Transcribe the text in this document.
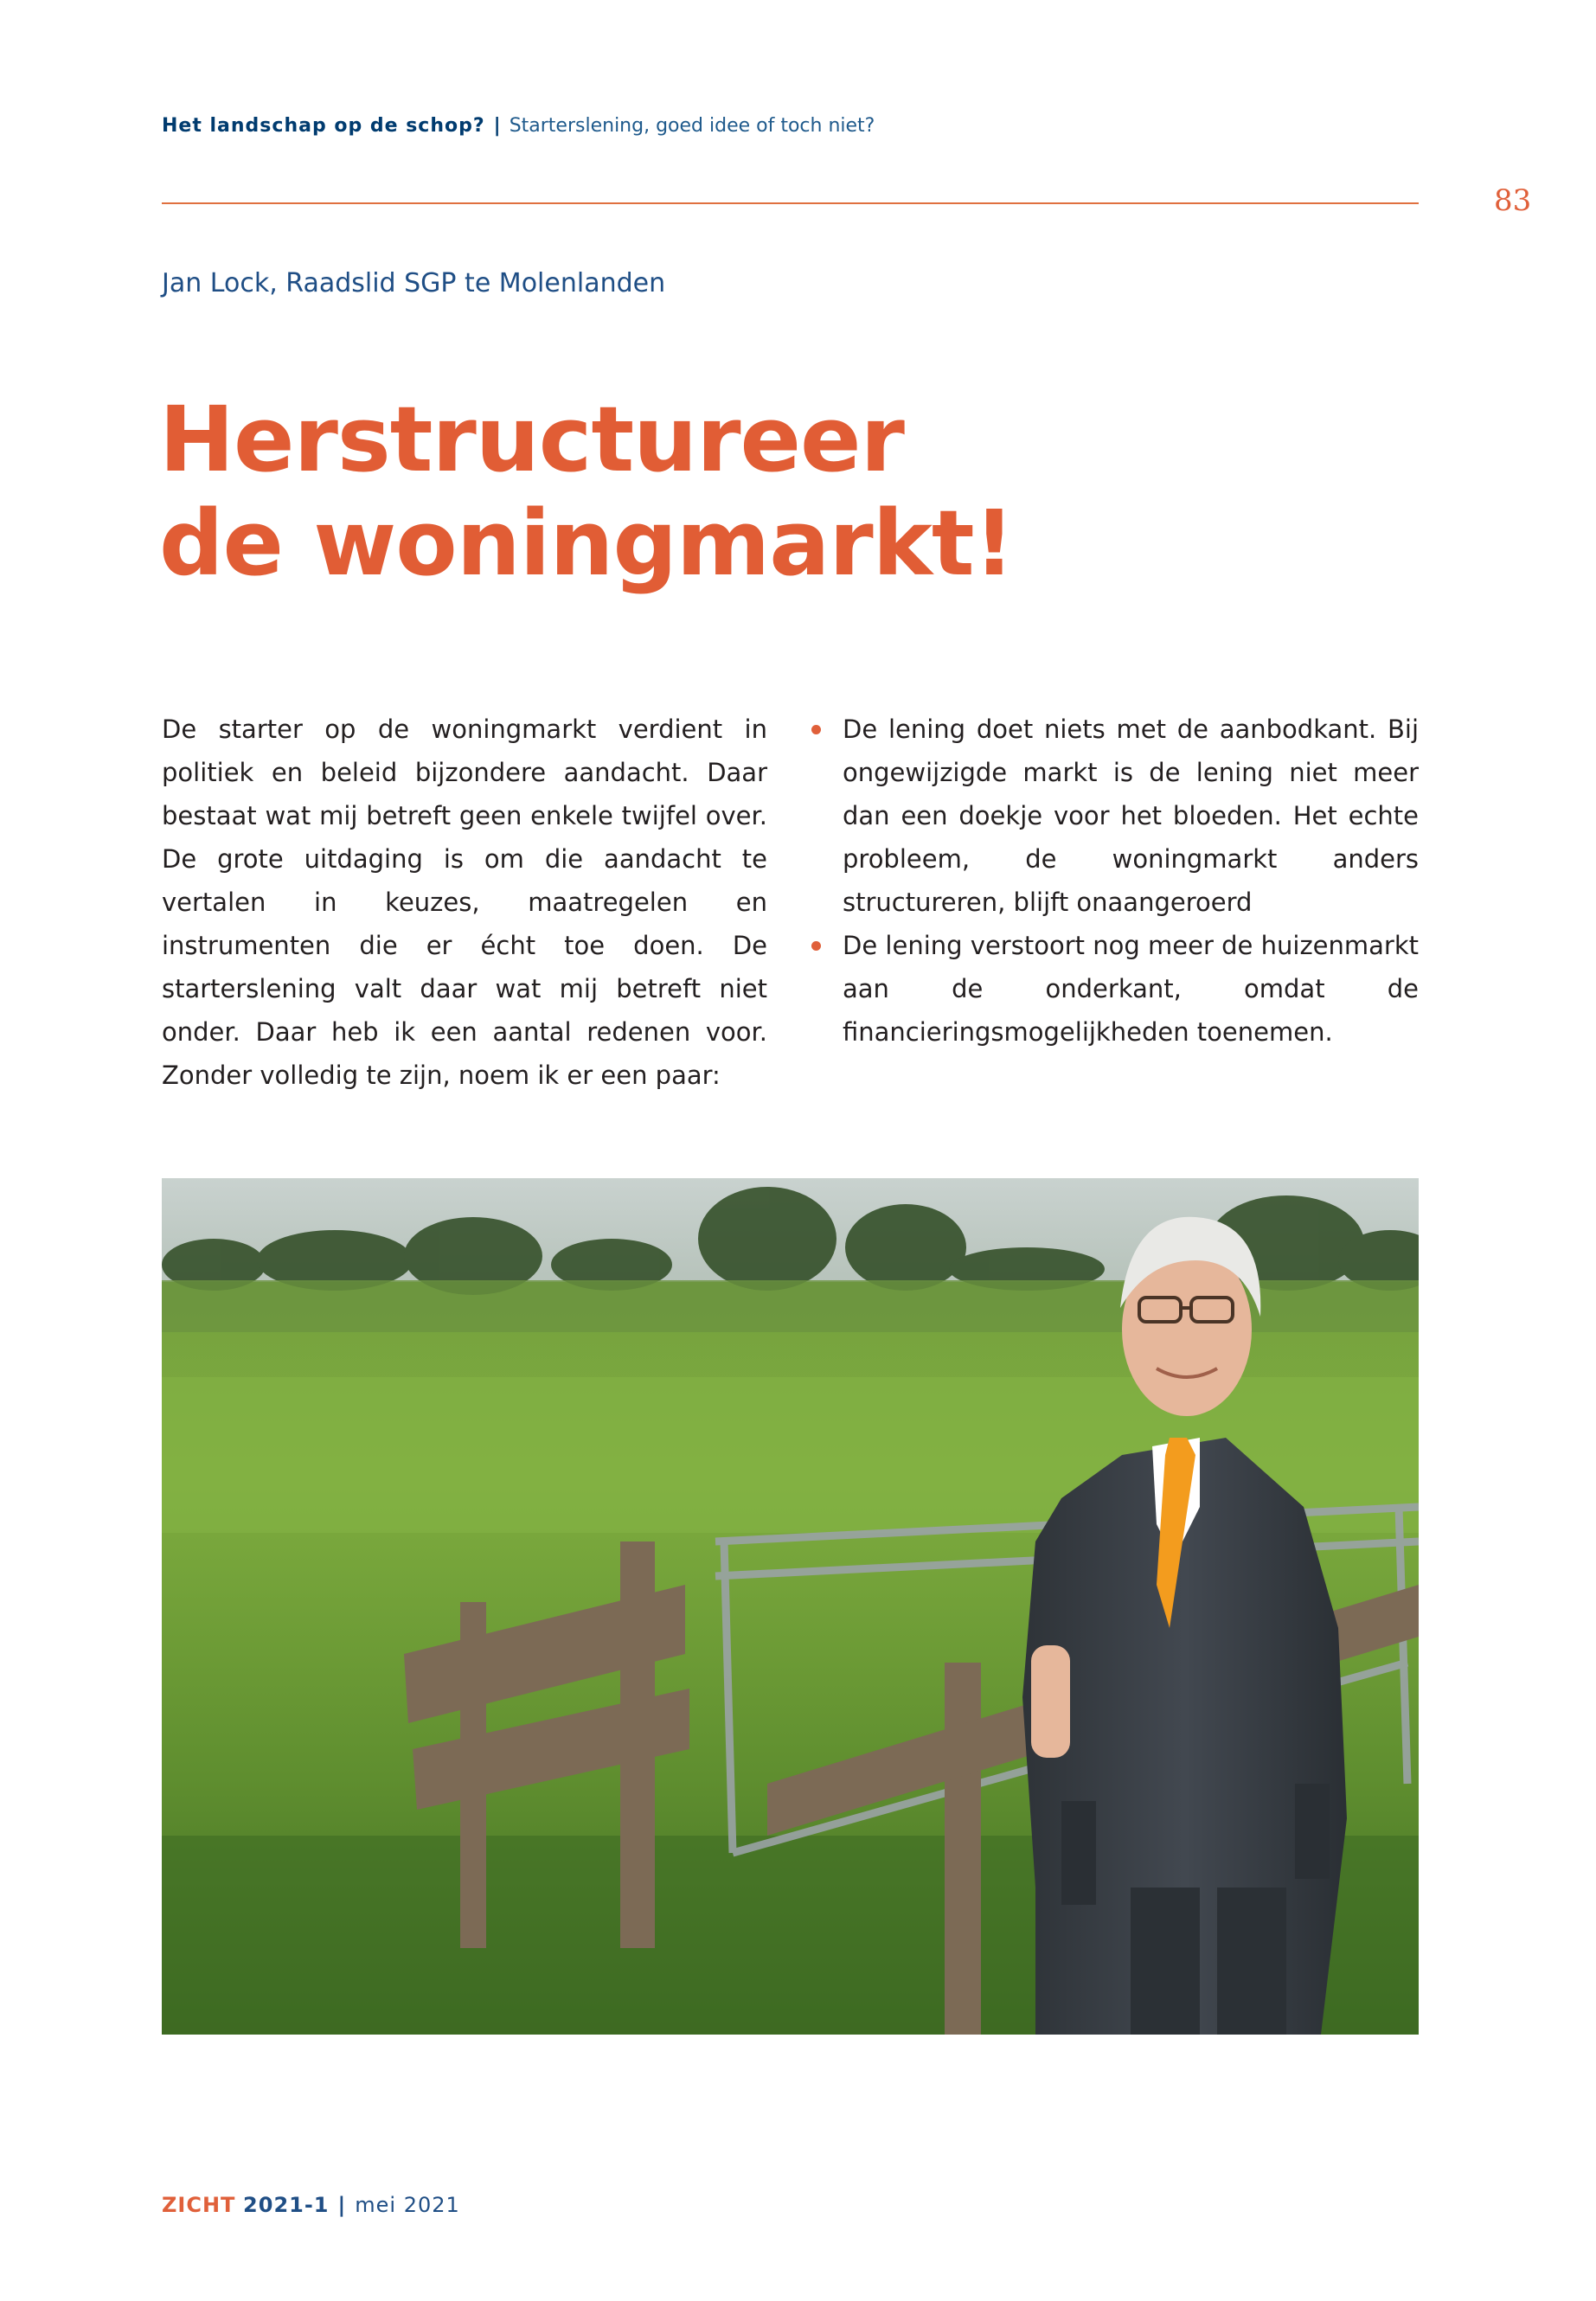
Het landschap op de schop? | Starterslening, goed idee of toch niet?
83
Jan Lock, Raadslid SGP te Molenlanden
Herstructureer
de woningmarkt!

De starter op de woningmarkt verdient in politiek en beleid bijzondere aandacht. Daar bestaat wat mij betreft geen enkele twijfel over. De grote uitdaging is om die aandacht te vertalen in keuzes, maatregelen en instrumenten die er écht toe doen. De starterslening valt daar wat mij betreft niet onder. Daar heb ik een aantal redenen voor. Zonder volledig te zijn, noem ik er een paar:

De lening doet niets met de aanbodkant. Bij ongewijzigde markt is de lening niet meer dan een doekje voor het bloeden. Het echte probleem, de woningmarkt anders structureren, blijft onaangeroerd
De lening verstoort nog meer de huizenmarkt aan de onderkant, omdat de financieringsmogelijkheden toenemen.
ZICHT 2021-1 | mei 2021
